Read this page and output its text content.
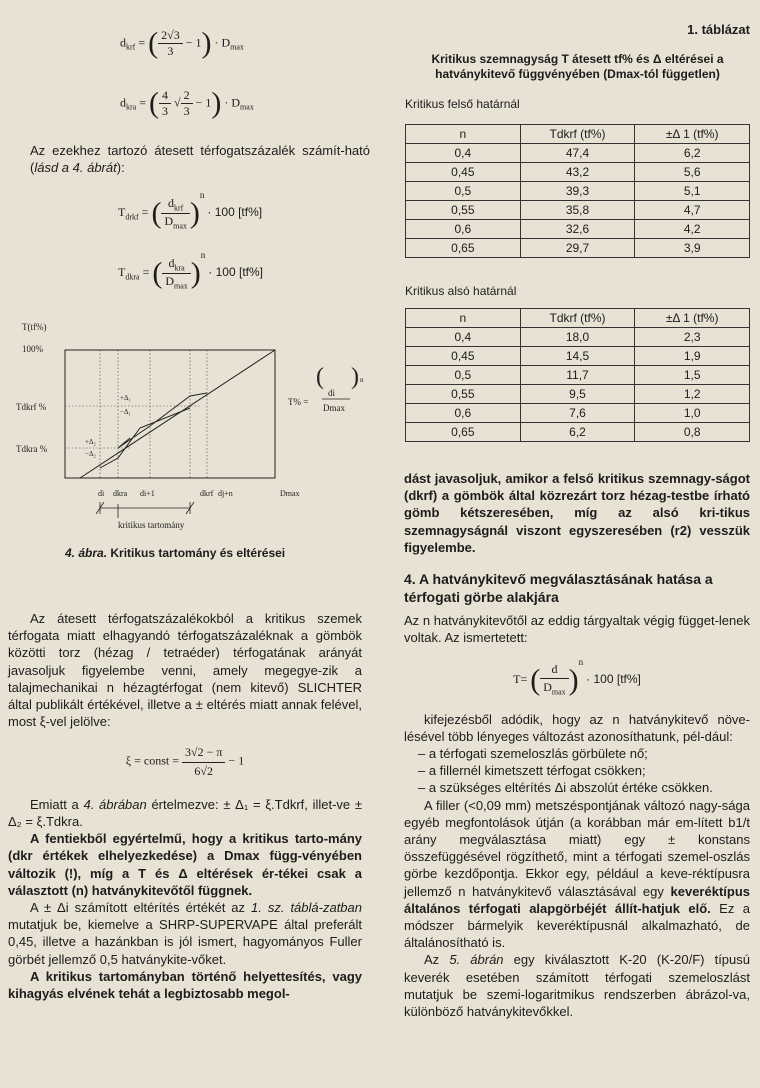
1. táblázat
$d_{krf}$ = ( $\frac{2√3}{3} - 1) \cdot D_{max}$
$d_{kra}$ = ( $\frac{4}{3}$ √ $\frac{2}{3} - 1) \cdot D_{max}$
Az ezekhez tartozó átesett térfogatszázalék számít-ható (lásd a 4. ábrát):
$T_{drkf}$ = ( $\frac{d_{krf}}{D_{max}} )^n \cdot 100$ [tf%]
$T_{dkra}$ = ( $\frac{d_{kra}}{D_{max}} )^n \cdot 100$ [tf%]
T(tf%)
100%
Tdkrf %
Tdkra %
+Δ₁
−Δ₁
+Δ₂
−Δ₂
di dkra di+1	dkrf dj+n	Dmax
kritikus tartomány
T% =
(
di
Dmax
) n
4. ábra. Kritikus tartomány és eltérései
Az átesett térfogatszázalékokból a kritikus szemek térfogata miatt elhagyandó térfogatszázaléknak a gömbök közötti torz (hézag / tetraéder) térfogatának arányát javasoljuk figyelembe venni, amely megegye-zik a talajmechanikai n hézagtérfogat (nem kitevő) SLICHTER által publikált értékével, illetve a ± eltérés miatt annak felével, most ξ-vel jelölve:
ξ = const = $\frac{3√2 - \pi}{6√2} - 1$
Emiatt a 4. ábrában értelmezve: ± Δ₁ = ξ.Tdkrf, illet-ve ± Δ₂ = ξ.Tdkra.
A fentiekből egyértelmű, hogy a kritikus tarto-mány (dkr értékek elhelyezkedése) a Dmax függ-vényében változik (!), míg a T és Δ eltérések ér-tékei csak a választott (n) hatványkitevőtől függnek.
A ± Δi számított eltérítés értékét az 1. sz. táblá-zatban mutatjuk be, kiemelve a SHRP-SUPERVAPE által preferált 0,45, illetve a hazánkban is jól ismert, hagyományos Fuller görbét jellemző 0,5 hatványkite-vőket.
A kritikus tartományban történő helyettesítés, vagy kihagyás elvének tehát a legbiztosabb megol-
Kritikus szemnagyság T átesett tf% és Δ eltérései a hatványkitevő függvényében (Dmax-tól független)
Kritikus felső határnál
n	Tdkrf (tf%)	±Δ 1 (tf%)
0,4	47,4	6,2
0,45	43,2	5,6
0,5	39,3	5,1
0,55	35,8	4,7
0,6	32,6	4,2
0,65	29,7	3,9
Kritikus alsó határnál
n	Tdkrf (tf%)	±Δ 1 (tf%)
0,4	18,0	2,3
0,45	14,5	1,9
0,5	11,7	1,5
0,55	9,5	1,2
0,6	7,6	1,0
0,65	6,2	0,8
dást javasoljuk, amikor a felső kritikus szemnagy-ságot (dkrf) a gömbök által közrezárt torz hézag-testbe írható gömb kétszeresében, míg az alsó kri-tikus szemnagyságnál viszont egyszeresében (r2) vesszük figyelembe.
4. A hatványkitevő megválasztásának hatása a térfogati görbe alakjára
Az n hatványkitevőtől az eddig tárgyaltak végig függet-lenek voltak. Az ismertetett:
T= ( $\frac{d}{D_{max}} )^n \cdot 100$ [tf%]
kifejezésből adódik, hogy az n hatványkitevő növe-lésével több lényeges változást azonosíthatunk, pél-dául:
– a térfogati szemeloszlás görbülete nő;
– a fillernél kimetszett térfogat csökken;
– a szükséges eltérítés Δi abszolút értéke csökken.
A filler (<0,09 mm) metszéspontjának változó nagy-sága egyéb megfontolások útján (a korábban már em-lített b1/t arány megválasztása miatt) egy ± konstans összefüggésével rögzíthető, mint a térfogati szemel-oszlás görbe kezdőpontja. Ekkor egy, például a keve-réktípusra jellemző n hatványkitevő választásával egy keveréktípus általános térfogati alapgörbéjét állít-hatjuk elő. Ez a módszer bármelyik keveréktípusnál alkalmazható, de általánosítható is.
Az 5. ábrán egy kiválasztott K-20 (K-20/F) típusú keverék esetében számított térfogati szemeloszlást mutatjuk be szemi-logaritmikus rendszerben ábrázol-va, különböző hatványkitevőkkel.
